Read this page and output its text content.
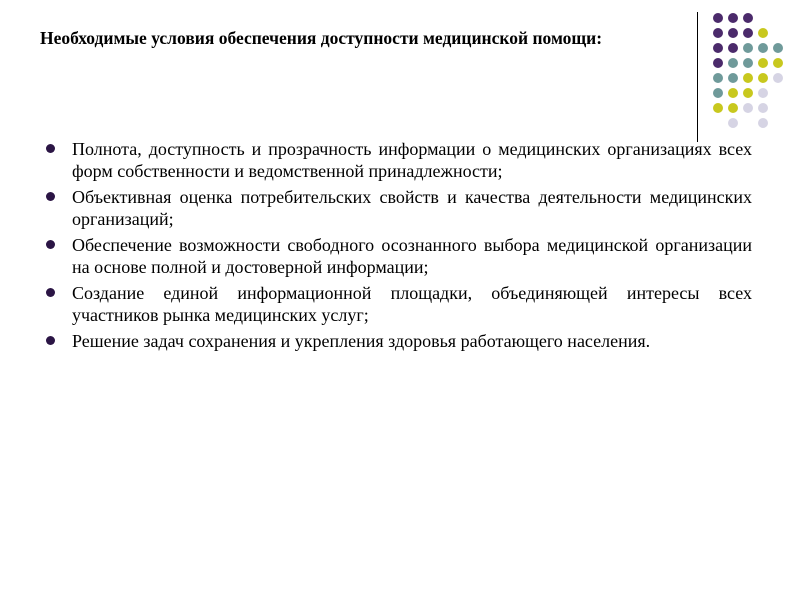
Необходимые условия обеспечения доступности медицинской помощи:
Полнота, доступность и прозрачность информации о медицинских организациях всех форм собственности и ведомственной принадлежности;
Объективная оценка потребительских свойств и качества деятельности медицинских организаций;
Обеспечение возможности свободного осознанного выбора медицинской организации на основе полной и достоверной информации;
Создание единой информационной площадки, объединяющей интересы всех участников рынка медицинских услуг;
Решение задач сохранения и укрепления здоровья работающего населения.
